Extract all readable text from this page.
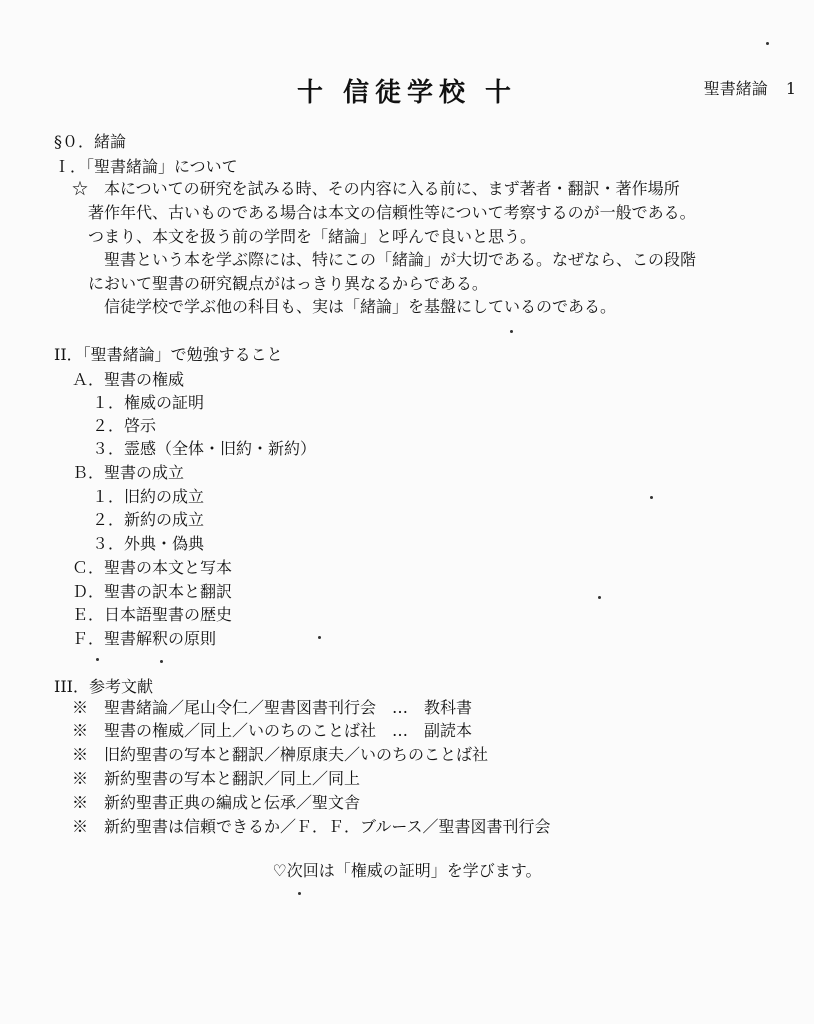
十 信徒学校 十	聖書緒論 1
§０．緒論
Ｉ．「聖書緒論」について
☆　本についての研究を試みる時、その内容に入る前に、まず著者・翻訳・著作場所
著作年代、古いものである場合は本文の信頼性等について考察するのが一般である。
つまり、本文を扱う前の学問を「緒論」と呼んで良いと思う。
聖書という本を学ぶ際には、特にこの「緒論」が大切である。なぜなら、この段階
において聖書の研究観点がはっきり異なるからである。
信徒学校で学ぶ他の科目も、実は「緒論」を基盤にしているのである。
II．「聖書緒論」で勉強すること
Ａ．聖書の権威
１．権威の証明
２．啓示
３．霊感（全体・旧約・新約）
Ｂ．聖書の成立
１．旧約の成立
２．新約の成立
３．外典・偽典
Ｃ．聖書の本文と写本
Ｄ．聖書の訳本と翻訳
Ｅ．日本語聖書の歴史
Ｆ．聖書解釈の原則
III．参考文献
※　聖書緒論／尾山令仁／聖書図書刊行会　…　教科書
※　聖書の権威／同上／いのちのことば社　…　副読本
※　旧約聖書の写本と翻訳／榊原康夫／いのちのことば社
※　新約聖書の写本と翻訳／同上／同上
※　新約聖書正典の編成と伝承／聖文舎
※　新約聖書は信頼できるか／Ｆ．Ｆ．ブルース／聖書図書刊行会
♡次回は「権威の証明」を学びます。
